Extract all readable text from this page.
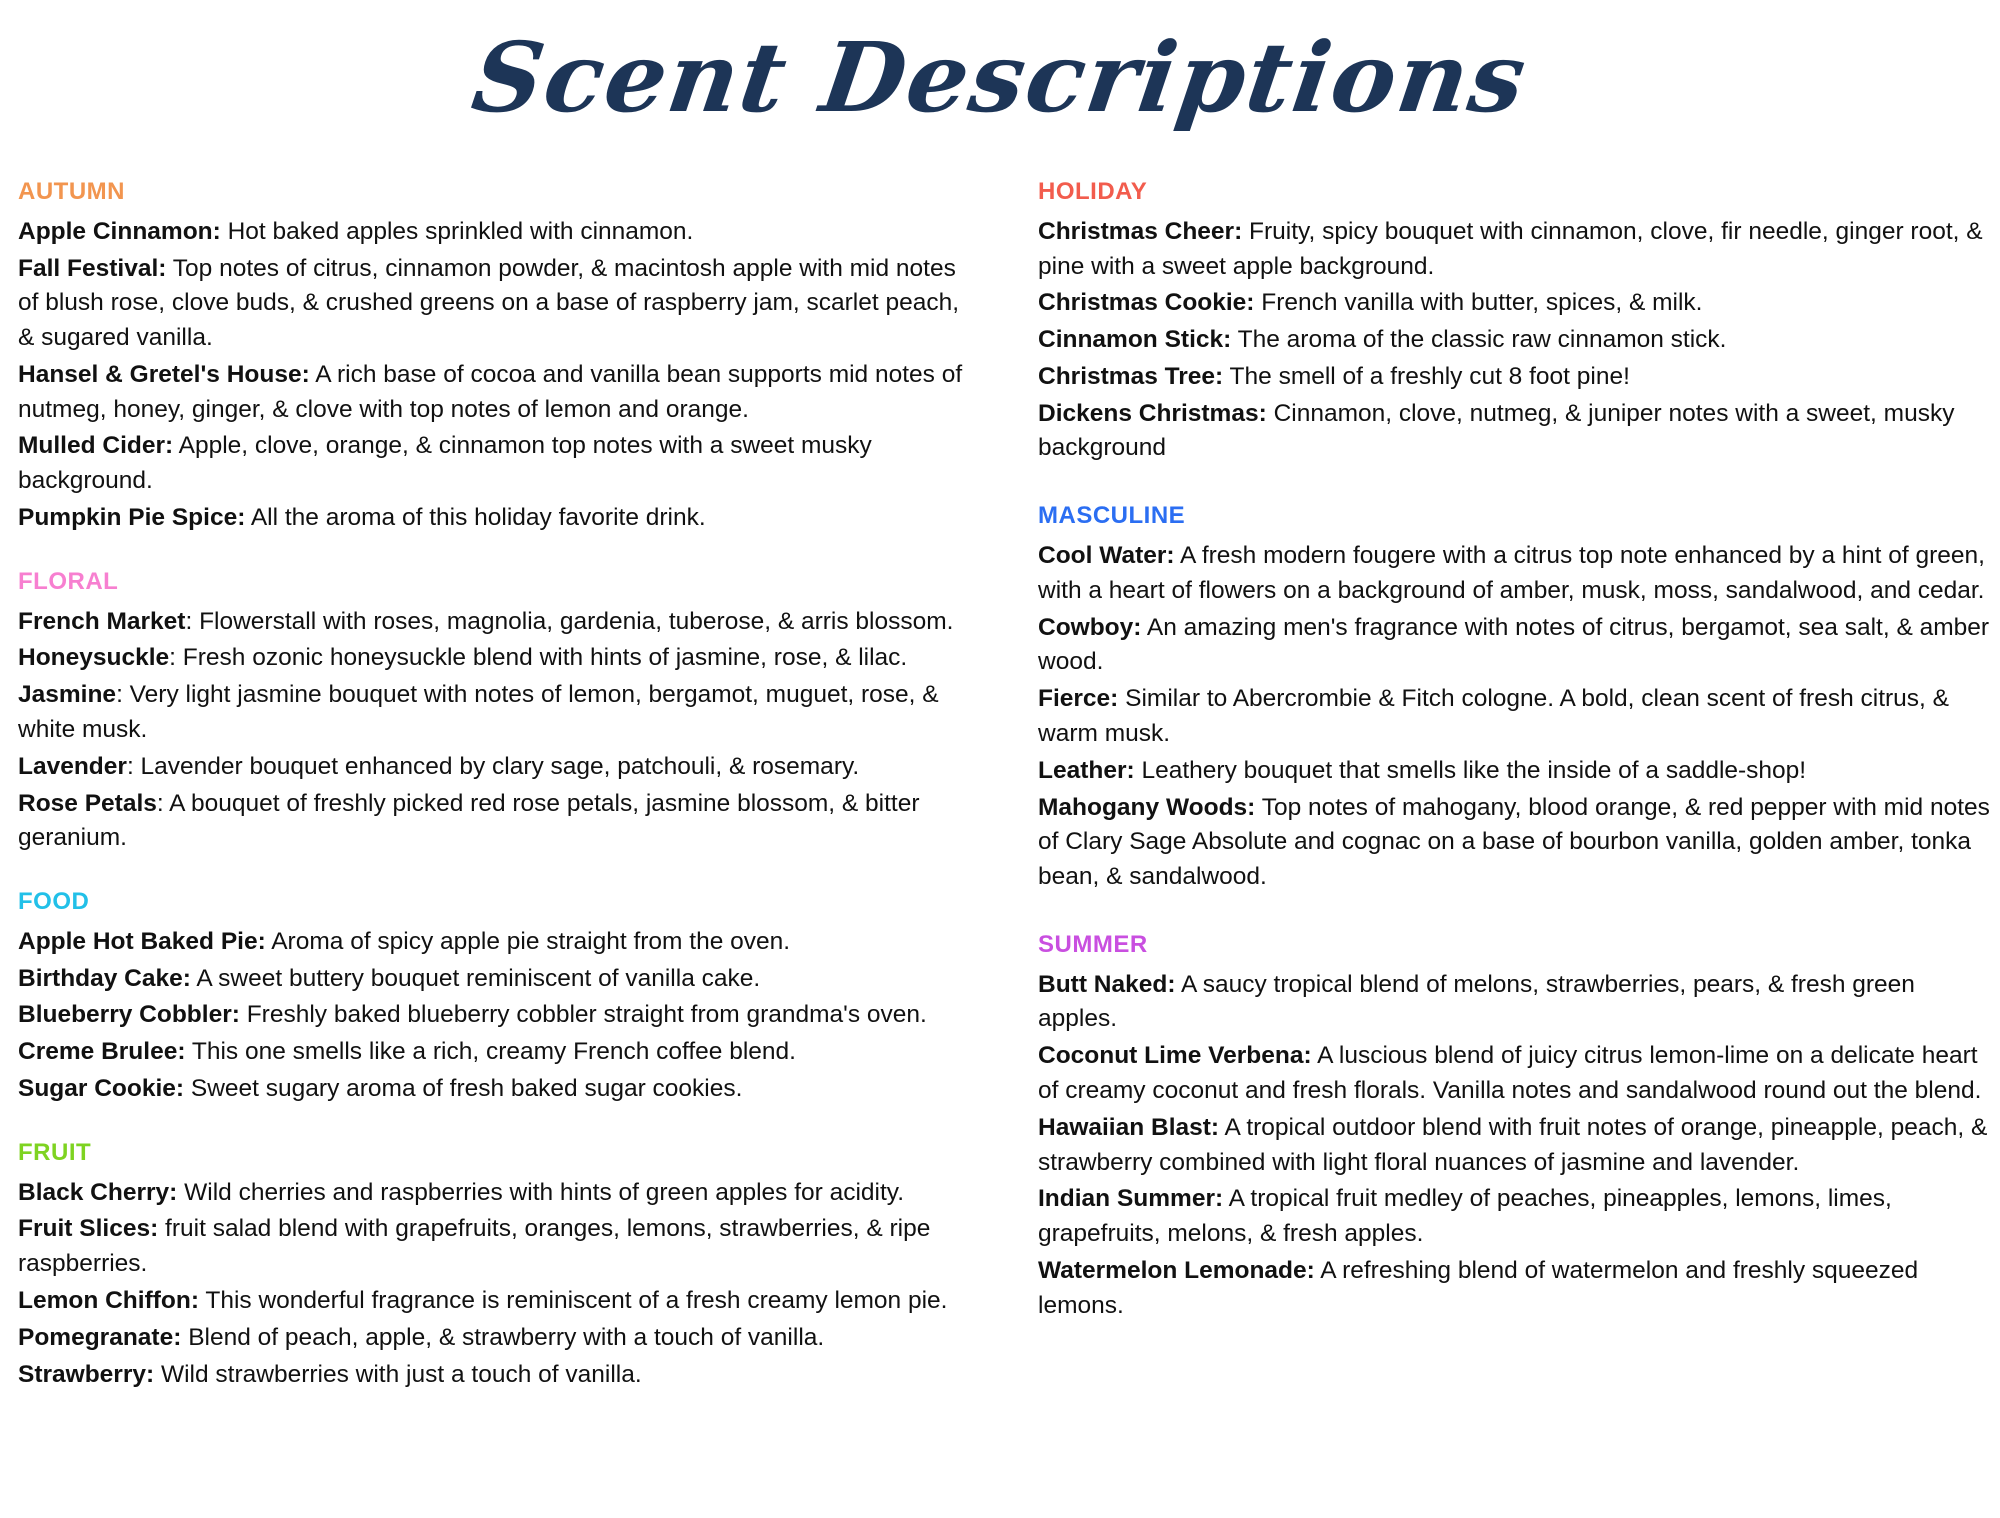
Scent Descriptions
AUTUMN

Apple Cinnamon: Hot baked apples sprinkled with cinnamon.

Fall Festival: Top notes of citrus, cinnamon powder, & macintosh apple with mid notes of blush rose, clove buds, & crushed greens on a base of raspberry jam, scarlet peach, & sugared vanilla.

Hansel & Gretel's House: A rich base of cocoa and vanilla bean supports mid notes of nutmeg, honey, ginger, & clove with top notes of lemon and orange.

Mulled Cider: Apple, clove, orange, & cinnamon top notes with a sweet musky background.

Pumpkin Pie Spice: All the aroma of this holiday favorite drink.

FLORAL

French Market: Flowerstall with roses, magnolia, gardenia, tuberose, & arris blossom.

Honeysuckle: Fresh ozonic honeysuckle blend with hints of jasmine, rose, & lilac.

Jasmine: Very light jasmine bouquet with notes of lemon, bergamot, muguet, rose, & white musk.

Lavender: Lavender bouquet enhanced by clary sage, patchouli, & rosemary.

Rose Petals: A bouquet of freshly picked red rose petals, jasmine blossom, & bitter geranium.

FOOD

Apple Hot Baked Pie: Aroma of spicy apple pie straight from the oven.

Birthday Cake: A sweet buttery bouquet reminiscent of vanilla cake.

Blueberry Cobbler: Freshly baked blueberry cobbler straight from grandma's oven.

Creme Brulee: This one smells like a rich, creamy French coffee blend.

Sugar Cookie: Sweet sugary aroma of fresh baked sugar cookies.

FRUIT

Black Cherry: Wild cherries and raspberries with hints of green apples for acidity.

Fruit Slices: fruit salad blend with grapefruits, oranges, lemons, strawberries, & ripe raspberries.

Lemon Chiffon: This wonderful fragrance is reminiscent of a fresh creamy lemon pie.

Pomegranate: Blend of peach, apple, & strawberry with a touch of vanilla.

Strawberry: Wild strawberries with just a touch of vanilla.

HOLIDAY

Christmas Cheer: Fruity, spicy bouquet with cinnamon, clove, fir needle, ginger root, & pine with a sweet apple background.

Christmas Cookie: French vanilla with butter, spices, & milk.

Cinnamon Stick: The aroma of the classic raw cinnamon stick.

Christmas Tree: The smell of a freshly cut 8 foot pine!

Dickens Christmas: Cinnamon, clove, nutmeg, & juniper notes with a sweet, musky background

MASCULINE

Cool Water: A fresh modern fougere with a citrus top note enhanced by a hint of green, with a heart of flowers on a background of amber, musk, moss, sandalwood, and cedar.

Cowboy: An amazing men's fragrance with notes of citrus, bergamot, sea salt, & amber wood.

Fierce: Similar to Abercrombie & Fitch cologne. A bold, clean scent of fresh citrus, & warm musk.

Leather: Leathery bouquet that smells like the inside of a saddle-shop!

Mahogany Woods: Top notes of mahogany, blood orange, & red pepper with mid notes of Clary Sage Absolute and cognac on a base of bourbon vanilla, golden amber, tonka bean, & sandalwood.

SUMMER

Butt Naked: A saucy tropical blend of melons, strawberries, pears, & fresh green apples.

Coconut Lime Verbena: A luscious blend of juicy citrus lemon-lime on a delicate heart of creamy coconut and fresh florals. Vanilla notes and sandalwood round out the blend.

Hawaiian Blast: A tropical outdoor blend with fruit notes of orange, pineapple, peach, & strawberry combined with light floral nuances of jasmine and lavender.

Indian Summer: A tropical fruit medley of peaches, pineapples, lemons, limes, grapefruits, melons, & fresh apples.

Watermelon Lemonade: A refreshing blend of watermelon and freshly squeezed lemons.
